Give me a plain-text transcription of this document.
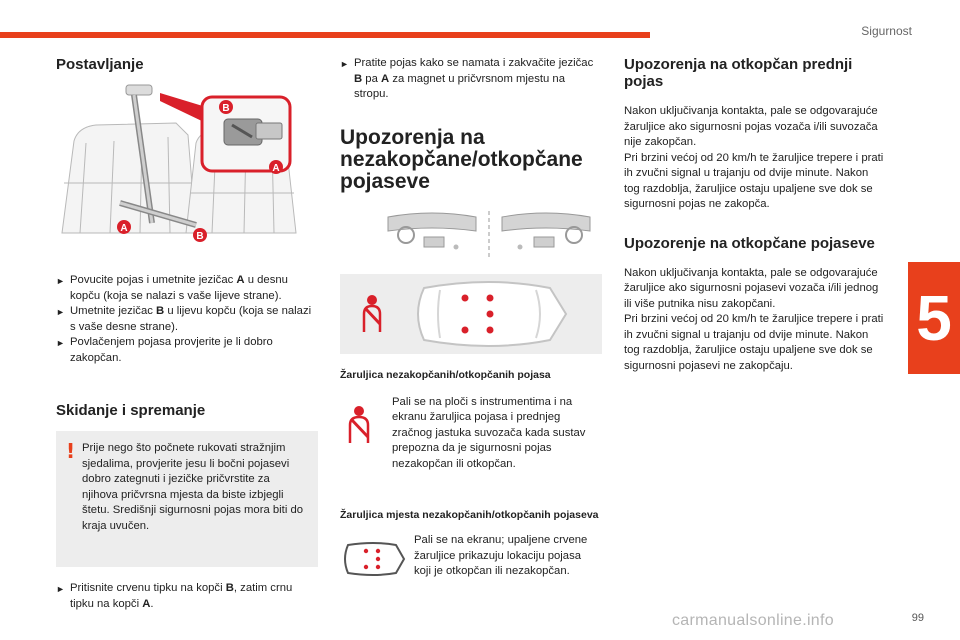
Sigurnost
5
carmanualsonline.info	99
Postavljanje
B
A
A
B
► Povucite pojas i umetnite jezičac A u desnu kopču (koja se nalazi s vaše lijeve strane).
► Umetnite jezičac B u lijevu kopču (koja se nalazi s vaše desne strane).
► Povlačenjem pojasa provjerite je li dobro zakopčan.
Skidanje i spremanje
! Prije nego što počnete rukovati stražnjim sjedalima, provjerite jesu li bočni pojasevi dobro zategnuti i jezičke pričvrstite za njihova pričvrsna mjesta da biste izbjegli štetu. Središnji sigurnosni pojas mora biti do kraja uvučen.

► Pritisnite crvenu tipku na kopči B, zatim crnu tipku na kopči A.
► Pratite pojas kako se namata i zakvačite jezičac B pa A za magnet u pričvrsnom mjestu na stropu.
Upozorenja na nezakopčane/otkopčane pojaseve
Žaruljica nezakopčanih/otkopčanih pojasa

Pali se na ploči s instrumentima i na ekranu žaruljica pojasa i prednjeg zračnog jastuka suvozača kada sustav prepozna da je sigurnosni pojas nezakopčan ili otkopčan.

Žaruljica mjesta nezakopčanih/otkopčanih pojaseva

Pali se na ekranu; upaljene crvene žaruljice prikazuju lokaciju pojasa koji je otkopčan ili nezakopčan.

Upozorenja na otkopčan prednji pojas

Nakon uključivanja kontakta, pale se odgovarajuće žaruljice ako sigurnosni pojas vozača i/ili suvozača nije zakopčan.

Pri brzini većoj od 20 km/h te žaruljice trepere i prati ih zvučni signal u trajanju od dvije minute. Nakon tog razdoblja, žaruljice ostaju upaljene sve dok se sigurnosni pojas ne zakopča.

Upozorenje na otkopčane pojaseve

Nakon uključivanja kontakta, pale se odgovarajuće žaruljice ako sigurnosni pojasevi vozača i/ili jednog ili više putnika nisu zakopčani.

Pri brzini većoj od 20 km/h te žaruljice trepere i prati ih zvučni signal u trajanju od dvije minute. Nakon tog razdoblja, žaruljice ostaju upaljene sve dok se sigurnosni pojasevi ne zakopčaju.
